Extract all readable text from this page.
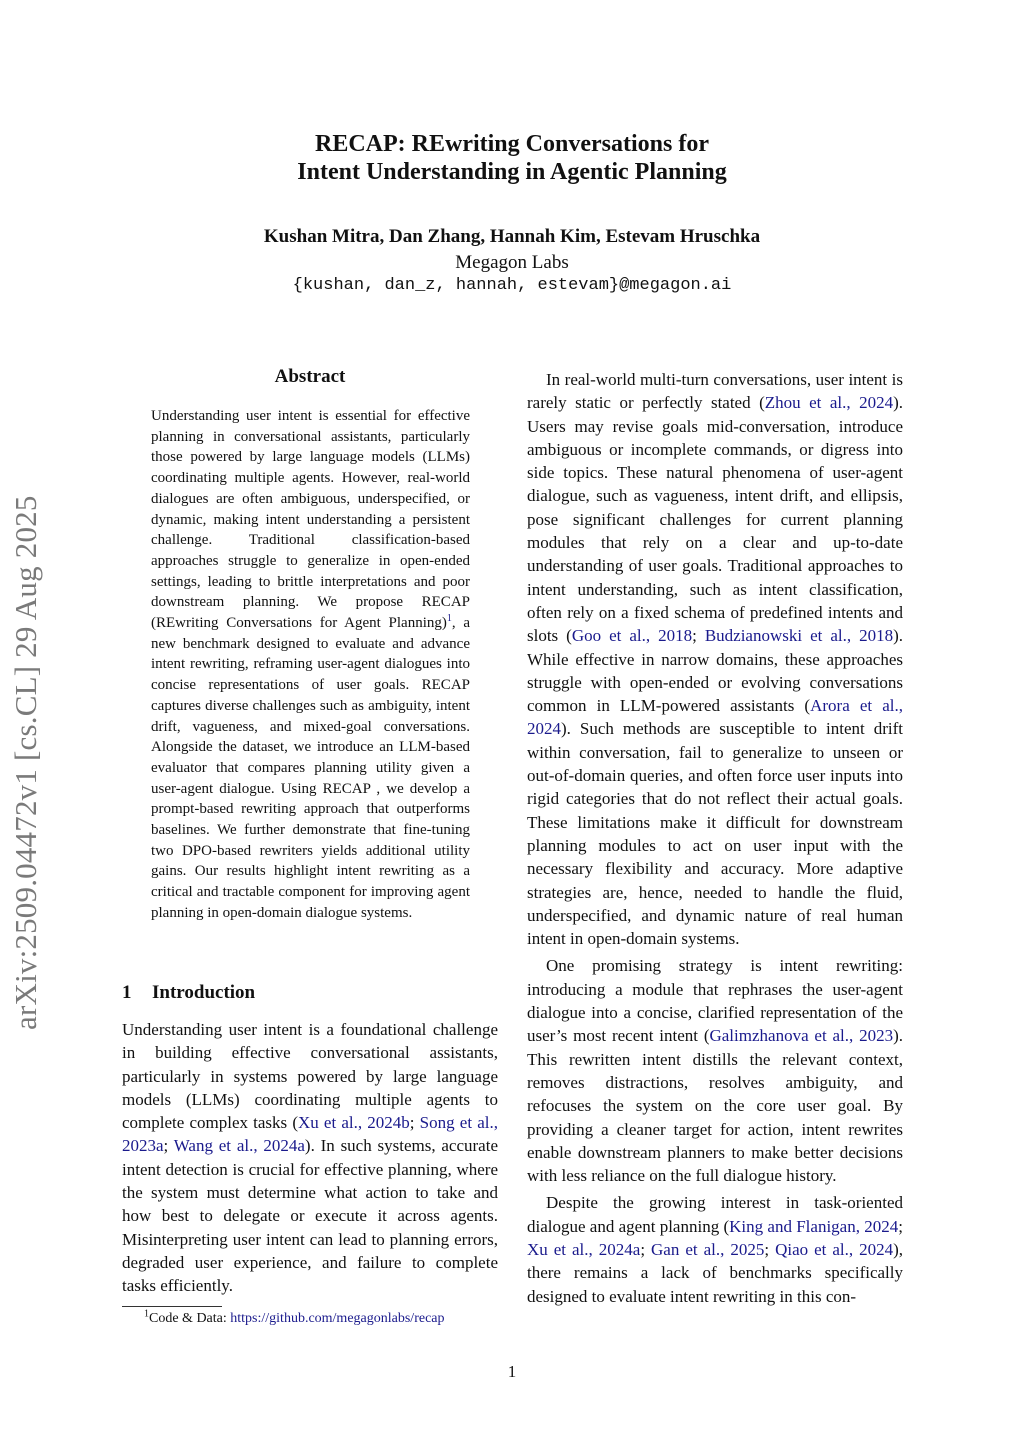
RECAP: REwriting Conversations for
Intent Understanding in Agentic Planning
Kushan Mitra, Dan Zhang, Hannah Kim, Estevam Hruschka
Megagon Labs
{kushan, dan_z, hannah, estevam}@megagon.ai
arXiv:2509.04472v1 [cs.CL] 29 Aug 2025
Abstract
Understanding user intent is essential for effective planning in conversational assistants, particularly those powered by large language models (LLMs) coordinating multiple agents. However, real-world dialogues are often ambiguous, underspecified, or dynamic, making intent understanding a persistent challenge. Traditional classification-based approaches struggle to generalize in open-ended settings, leading to brittle interpretations and poor downstream planning. We propose RECAP (REwriting Conversations for Agent Planning)$^1$, a new benchmark designed to evaluate and advance intent rewriting, reframing user-agent dialogues into concise representations of user goals. RECAP captures diverse challenges such as ambiguity, intent drift, vagueness, and mixed-goal conversations. Alongside the dataset, we introduce an LLM-based evaluator that compares planning utility given a user-agent dialogue. Using RECAP , we develop a prompt-based rewriting approach that outperforms baselines. We further demonstrate that fine-tuning two DPO-based rewriters yields additional utility gains. Our results highlight intent rewriting as a critical and tractable component for improving agent planning in open-domain dialogue systems.
1 Introduction
Understanding user intent is a foundational challenge in building effective conversational assistants, particularly in systems powered by large language models (LLMs) coordinating multiple agents to complete complex tasks (Xu et al., 2024b; Song et al., 2023a; Wang et al., 2024a). In such systems, accurate intent detection is crucial for effective planning, where the system must determine what action to take and how best to delegate or execute it across agents. Misinterpreting user intent can lead to planning errors, degraded user experience, and failure to complete tasks efficiently.
$^1$Code & Data: https://github.com/megagonlabs/recap

In real-world multi-turn conversations, user intent is rarely static or perfectly stated (Zhou et al., 2024). Users may revise goals mid-conversation, introduce ambiguous or incomplete commands, or digress into side topics. These natural phenomena of user-agent dialogue, such as vagueness, intent drift, and ellipsis, pose significant challenges for current planning modules that rely on a clear and up-to-date understanding of user goals. Traditional approaches to intent understanding, such as intent classification, often rely on a fixed schema of predefined intents and slots (Goo et al., 2018; Budzianowski et al., 2018). While effective in narrow domains, these approaches struggle with open-ended or evolving conversations common in LLM-powered assistants (Arora et al., 2024). Such methods are susceptible to intent drift within conversation, fail to generalize to unseen or out-of-domain queries, and often force user inputs into rigid categories that do not reflect their actual goals. These limitations make it difficult for downstream planning modules to act on user input with the necessary flexibility and accuracy. More adaptive strategies are, hence, needed to handle the fluid, underspecified, and dynamic nature of real human intent in open-domain systems.

One promising strategy is intent rewriting: introducing a module that rephrases the user-agent dialogue into a concise, clarified representation of the user’s most recent intent (Galimzhanova et al., 2023). This rewritten intent distills the relevant context, removes distractions, resolves ambiguity, and refocuses the system on the core user goal. By providing a cleaner target for action, intent rewrites enable downstream planners to make better decisions with less reliance on the full dialogue history.

Despite the growing interest in task-oriented dialogue and agent planning (King and Flanigan, 2024; Xu et al., 2024a; Gan et al., 2025; Qiao et al., 2024), there remains a lack of benchmarks specifically designed to evaluate intent rewriting in this con-

1
